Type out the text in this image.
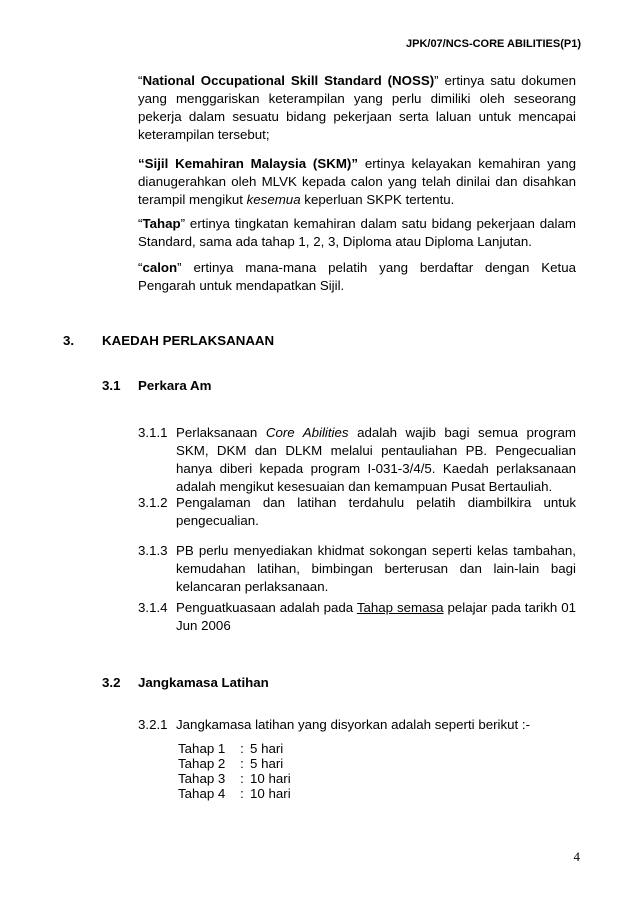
JPK/07/NCS-CORE ABILITIES(P1)

“National Occupational Skill Standard (NOSS)” ertinya satu dokumen yang menggariskan keterampilan yang perlu dimiliki oleh seseorang pekerja dalam sesuatu bidang pekerjaan serta laluan untuk mencapai keterampilan tersebut;

“Sijil Kemahiran Malaysia (SKM)” ertinya kelayakan kemahiran yang dianugerahkan oleh MLVK kepada calon yang telah dinilai dan disahkan terampil mengikut kesemua keperluan SKPK tertentu.

“Tahap” ertinya tingkatan kemahiran dalam satu bidang pekerjaan dalam Standard, sama ada tahap 1, 2, 3, Diploma atau Diploma Lanjutan.

“calon” ertinya mana-mana pelatih yang berdaftar dengan Ketua Pengarah untuk mendapatkan Sijil.

3. KAEDAH PERLAKSANAAN
3.1 Perkara Am
3.1.1 Perlaksanaan Core Abilities adalah wajib bagi semua program SKM, DKM dan DLKM melalui pentauliahan PB. Pengecualian hanya diberi kepada program I-031-3/4/5. Kaedah perlaksanaan adalah mengikut kesesuaian dan kemampuan Pusat Bertauliah.
3.1.2 Pengalaman dan latihan terdahulu pelatih diambilkira untuk pengecualian.
3.1.3 PB perlu menyediakan khidmat sokongan seperti kelas tambahan, kemudahan latihan, bimbingan berterusan dan lain-lain bagi kelancaran perlaksanaan.
3.1.4 Penguatkuasaan adalah pada Tahap semasa pelajar pada tarikh 01 Jun 2006
3.2 Jangkamasa Latihan
3.2.1 Jangkamasa latihan yang disyorkan adalah seperti berikut :-
Tahap 1 : 5 hari
Tahap 2 : 5 hari
Tahap 3 : 10 hari
Tahap 4 : 10 hari
4
